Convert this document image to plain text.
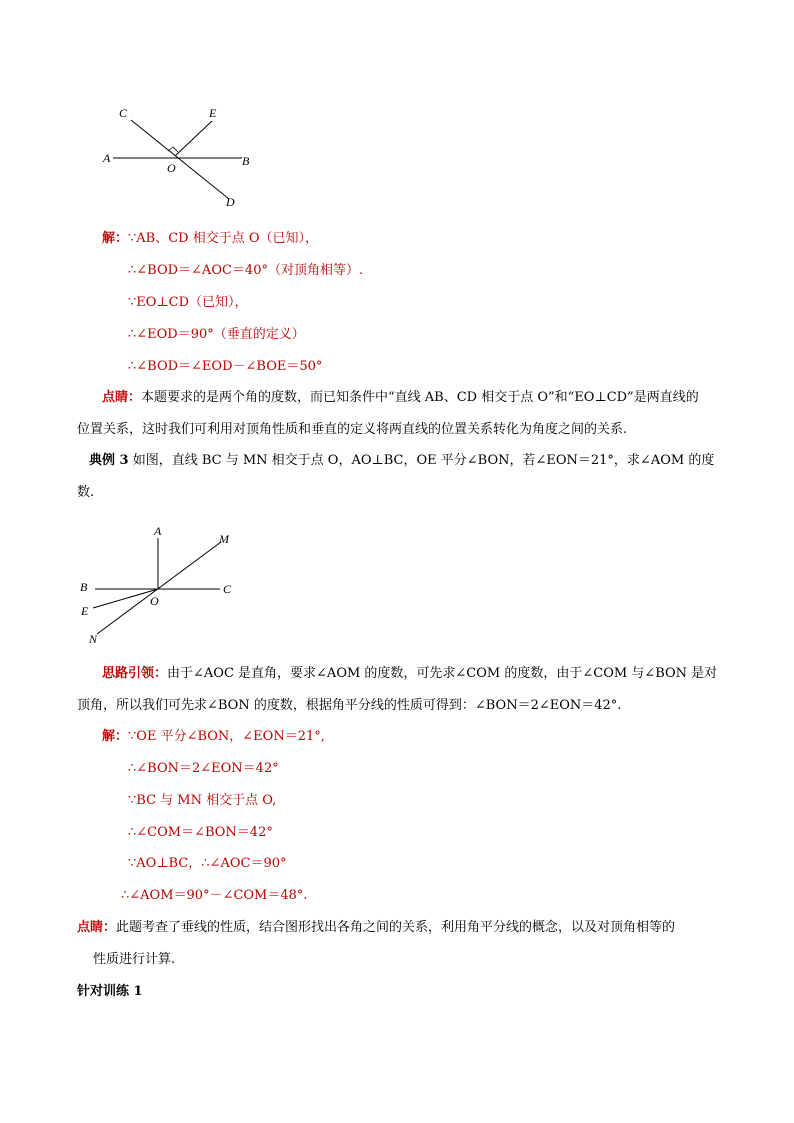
C	E
A
O	B
D
解：∵AB、CD 相交于点 O（已知），
∴∠BOD＝∠AOC＝40°（对顶角相等）.
∵EO⊥CD（已知），
∴∠EOD＝90°（垂直的定义）
∴∠BOD＝∠EOD－∠BOE＝50°
点睛：本题要求的是两个角的度数，而已知条件中“直线 AB、CD 相交于点 O”和“EO⊥CD”是两直线的
位置关系，这时我们可利用对顶角性质和垂直的定义将两直线的位置关系转化为角度之间的关系.
典例 3 如图，直线 BC 与 MN 相交于点 O，AO⊥BC，OE 平分∠BON，若∠EON＝21°，求∠AOM 的度
数.
A
M
B	C
O
E
N
思路引领：由于∠AOC 是直角，要求∠AOM 的度数，可先求∠COM 的度数，由于∠COM 与∠BON 是对
顶角，所以我们可先求∠BON 的度数，根据角平分线的性质可得到：∠BON＝2∠EON＝42°.
解：∵OE 平分∠BON，∠EON＝21°,
∴∠BON＝2∠EON＝42°
∵BC 与 MN 相交于点 O,
∴∠COM＝∠BON＝42°
∵AO⊥BC，∴∠AOC＝90°
∴∠AOM＝90°－∠COM＝48°.
点睛：此题考查了垂线的性质，结合图形找出各角之间的关系，利用角平分线的概念，以及对顶角相等的
性质进行计算.
针对训练 1
